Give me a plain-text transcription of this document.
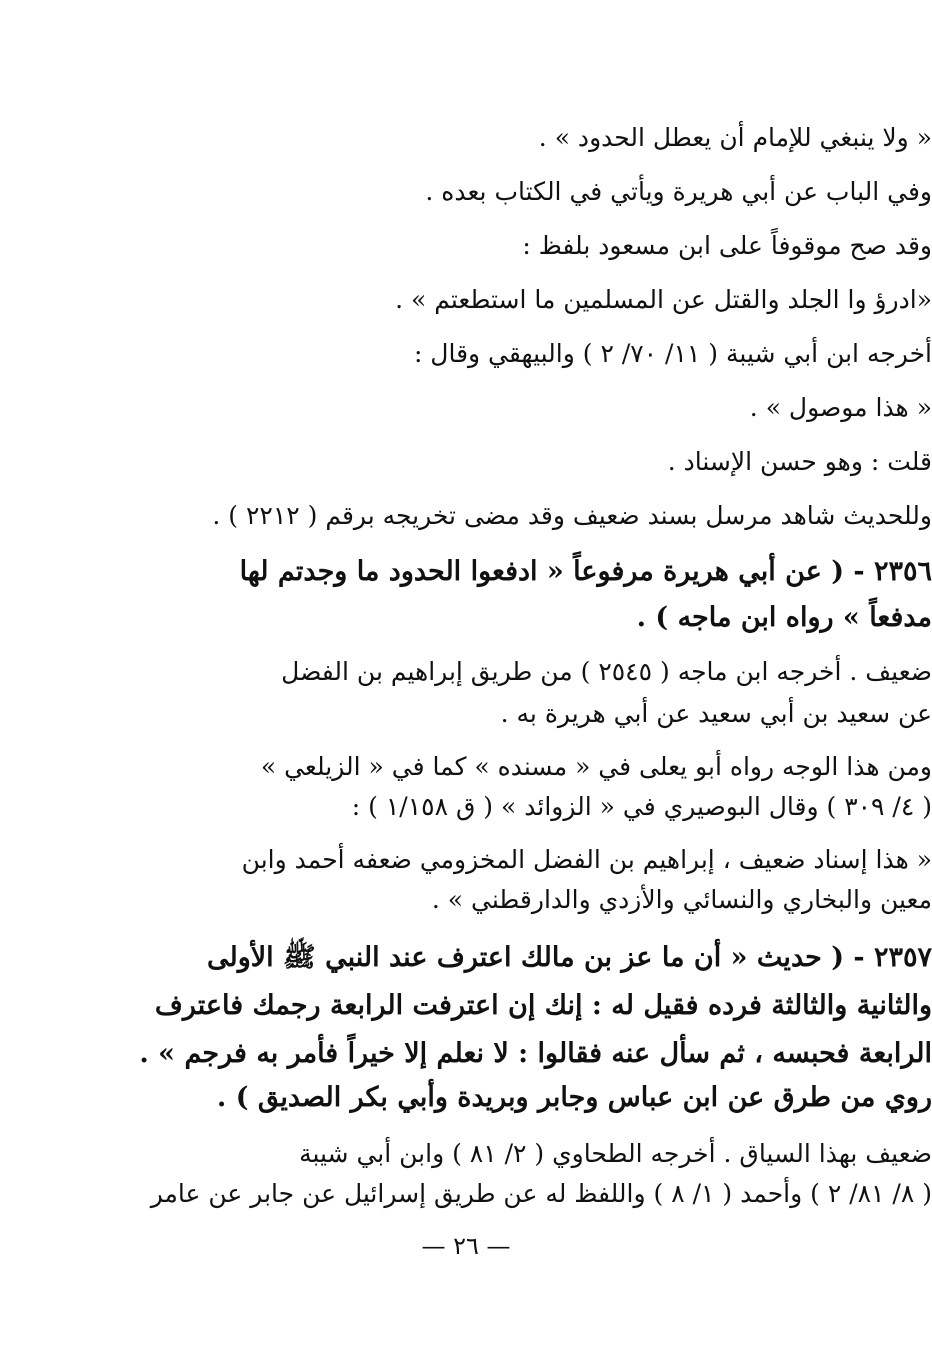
« ولا ينبغي للإمام أن يعطل الحدود » .
وفي الباب عن أبي هريرة ويأتي في الكتاب بعده .
وقد صح موقوفاً على ابن مسعود بلفظ :
«ادرؤ وا الجلد والقتل عن المسلمين ما استطعتم » .
أخرجه ابن أبي شيبة ( ١١/ ٧٠/ ٢ ) والبيهقي وقال :
« هذا موصول » .
قلت : وهو حسن الإسناد .
وللحديث شاهد مرسل بسند ضعيف وقد مضى تخريجه برقم ( ٢٢١٢ ) .
٢٣٥٦ - ( عن أبي هريرة مرفوعاً « ادفعوا الحدود ما وجدتم لها
مدفعاً » رواه ابن ماجه ) .
ضعيف . أخرجه ابن ماجه ( ٢٥٤٥ ) من طريق إبراهيم بن الفضل
عن سعيد بن أبي سعيد عن أبي هريرة به .
ومن هذا الوجه رواه أبو يعلى في « مسنده » كما في « الزيلعي »
( ٤/ ٣٠٩ ) وقال البوصيري في « الزوائد » ( ق ١/١٥٨ ) :
« هذا إسناد ضعيف ، إبراهيم بن الفضل المخزومي ضعفه أحمد وابن
معين والبخاري والنسائي والأزدي والدارقطني » .
٢٣٥٧ - ( حديث « أن ما عز بن مالك اعترف عند النبي ﷺ الأولى
والثانية والثالثة فرده فقيل له : إنك إن اعترفت الرابعة رجمك فاعترف
الرابعة فحبسه ، ثم سأل عنه فقالوا : لا نعلم إلا خيراً فأمر به فرجم » .
روي من طرق عن ابن عباس وجابر وبريدة وأبي بكر الصديق ) .
ضعيف بهذا السياق . أخرجه الطحاوي ( ٢/ ٨١ ) وابن أبي شيبة
( ٨/ ٨١/ ٢ ) وأحمد ( ١/ ٨ ) واللفظ له عن طريق إسرائيل عن جابر عن عامر
— ٢٦ —
